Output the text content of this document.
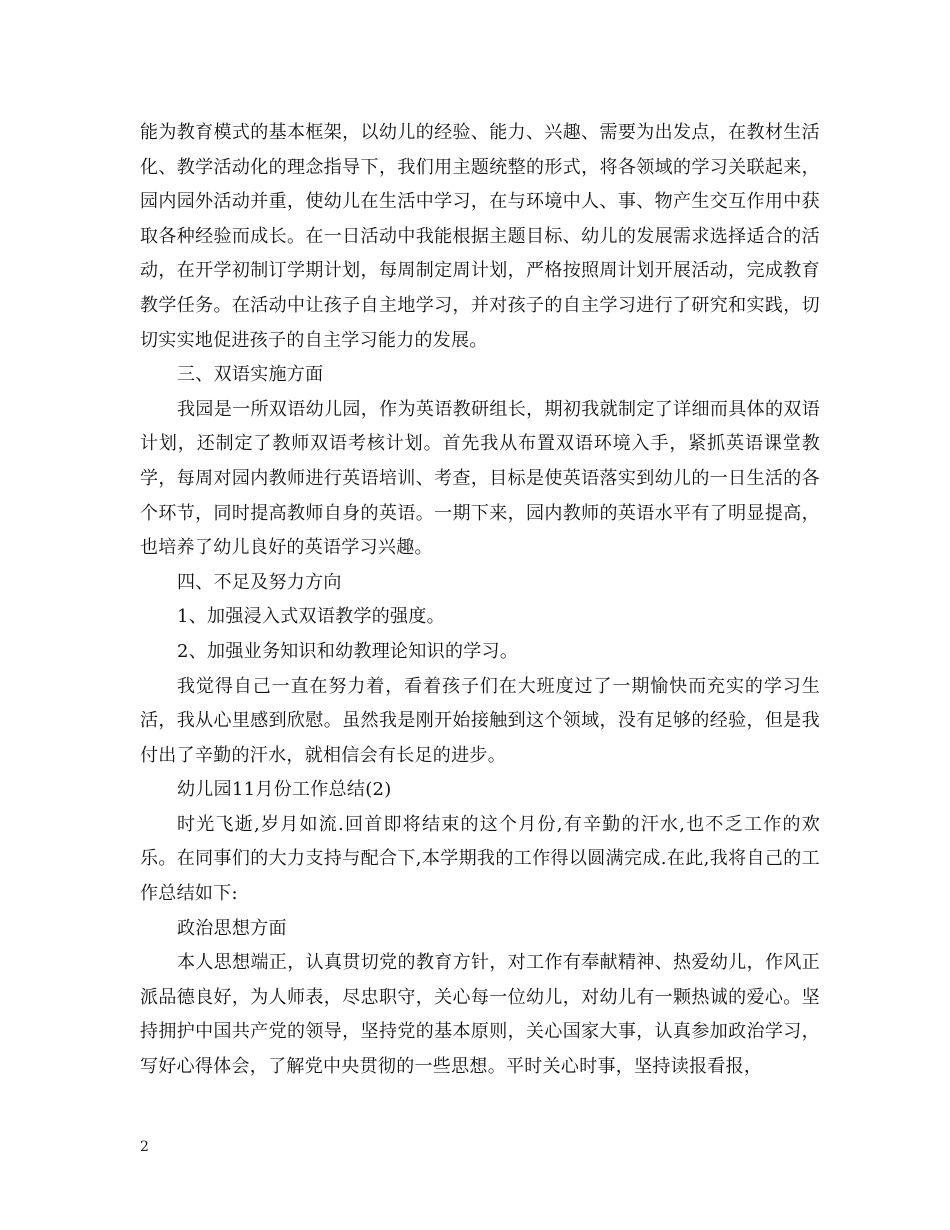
能为教育模式的基本框架，以幼儿的经验、能力、兴趣、需要为出发点，在教材生活化、教学活动化的理念指导下，我们用主题统整的形式，将各领域的学习关联起来，园内园外活动并重，使幼儿在生活中学习，在与环境中人、事、物产生交互作用中获取各种经验而成长。在一日活动中我能根据主题目标、幼儿的发展需求选择适合的活动，在开学初制订学期计划，每周制定周计划，严格按照周计划开展活动，完成教育教学任务。在活动中让孩子自主地学习，并对孩子的自主学习进行了研究和实践，切切实实地促进孩子的自主学习能力的发展。

三、双语实施方面

我园是一所双语幼儿园，作为英语教研组长，期初我就制定了详细而具体的双语计划，还制定了教师双语考核计划。首先我从布置双语环境入手，紧抓英语课堂教学，每周对园内教师进行英语培训、考查，目标是使英语落实到幼儿的一日生活的各个环节，同时提高教师自身的英语。一期下来，园内教师的英语水平有了明显提高，也培养了幼儿良好的英语学习兴趣。

四、不足及努力方向

1、加强浸入式双语教学的强度。

2、加强业务知识和幼教理论知识的学习。

我觉得自己一直在努力着，看着孩子们在大班度过了一期愉快而充实的学习生活，我从心里感到欣慰。虽然我是刚开始接触到这个领域，没有足够的经验，但是我付出了辛勤的汗水，就相信会有长足的进步。

幼儿园11月份工作总结(2)

时光飞逝,岁月如流.回首即将结束的这个月份,有辛勤的汗水,也不乏工作的欢乐。在同事们的大力支持与配合下,本学期我的工作得以圆满完成.在此,我将自己的工作总结如下:

政治思想方面

本人思想端正，认真贯切党的教育方针，对工作有奉献精神、热爱幼儿，作风正派品德良好，为人师表，尽忠职守，关心每一位幼儿，对幼儿有一颗热诚的爱心。坚持拥护中国共产党的领导，坚持党的基本原则，关心国家大事，认真参加政治学习，写好心得体会，了解党中央贯彻的一些思想。平时关心时事，坚持读报看报，

2
